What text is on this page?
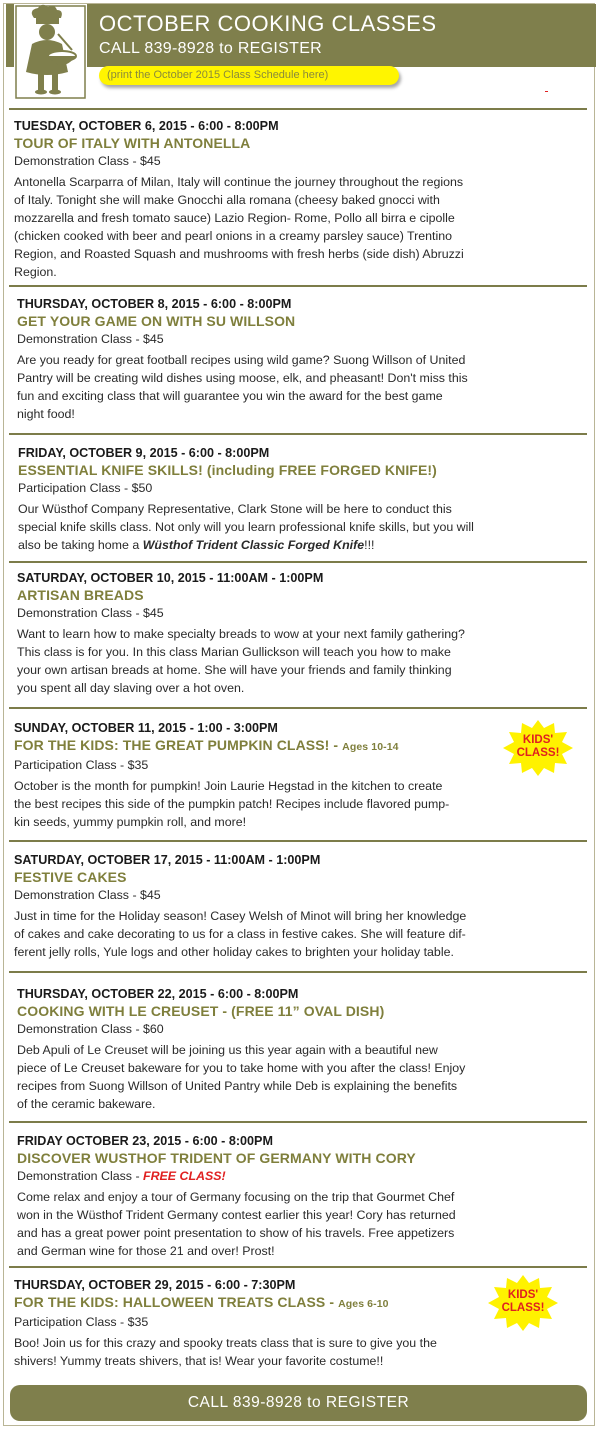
OCTOBER COOKING CLASSES
CALL 839-8928 to REGISTER
(print the October 2015 Class Schedule here)
TUESDAY, OCTOBER 6, 2015 - 6:00 - 8:00PM
TOUR OF ITALY WITH ANTONELLA
Demonstration Class - $45
Antonella Scarparra of Milan, Italy will continue the journey throughout the regions
of Italy. Tonight she will make Gnocchi alla romana (cheesy baked gnocci with
mozzarella and fresh tomato sauce) Lazio Region- Rome, Pollo all birra e cipolle
(chicken cooked with beer and pearl onions in a creamy parsley sauce) Trentino
Region, and Roasted Squash and mushrooms with fresh herbs (side dish) Abruzzi
Region.
THURSDAY, OCTOBER 8, 2015 - 6:00 - 8:00PM
GET YOUR GAME ON WITH SU WILLSON
Demonstration Class - $45
Are you ready for great football recipes using wild game? Suong Willson of United
Pantry will be creating wild dishes using moose, elk, and pheasant! Don't miss this
fun and exciting class that will guarantee you win the award for the best game
night food!
FRIDAY, OCTOBER 9, 2015 - 6:00 - 8:00PM
ESSENTIAL KNIFE SKILLS! (including FREE FORGED KNIFE!)
Participation Class - $50
Our Wüsthof Company Representative, Clark Stone will be here to conduct this
special knife skills class. Not only will you learn professional knife skills, but you will
also be taking home a Wüsthof Trident Classic Forged Knife!!!
SATURDAY, OCTOBER 10, 2015 - 11:00AM - 1:00PM
ARTISAN BREADS
Demonstration Class - $45
Want to learn how to make specialty breads to wow at your next family gathering?
This class is for you. In this class Marian Gullickson will teach you how to make
your own artisan breads at home. She will have your friends and family thinking
you spent all day slaving over a hot oven.
SUNDAY, OCTOBER 11, 2015 - 1:00 - 3:00PM
FOR THE KIDS: THE GREAT PUMPKIN CLASS! - Ages 10-14
Participation Class - $35
October is the month for pumpkin! Join Laurie Hegstad in the kitchen to create
the best recipes this side of the pumpkin patch! Recipes include flavored pump-
kin seeds, yummy pumpkin roll, and more!
KIDS'
CLASS!
SATURDAY, OCTOBER 17, 2015 - 11:00AM - 1:00PM
FESTIVE CAKES
Demonstration Class - $45
Just in time for the Holiday season! Casey Welsh of Minot will bring her knowledge
of cakes and cake decorating to us for a class in festive cakes. She will feature dif-
ferent jelly rolls, Yule logs and other holiday cakes to brighten your holiday table.
THURSDAY, OCTOBER 22, 2015 - 6:00 - 8:00PM
COOKING WITH LE CREUSET - (FREE 11” OVAL DISH)
Demonstration Class - $60
Deb Apuli of Le Creuset will be joining us this year again with a beautiful new
piece of Le Creuset bakeware for you to take home with you after the class! Enjoy
recipes from Suong Willson of United Pantry while Deb is explaining the benefits
of the ceramic bakeware.
FRIDAY OCTOBER 23, 2015 - 6:00 - 8:00PM
DISCOVER WUSTHOF TRIDENT OF GERMANY WITH CORY
Demonstration Class - FREE CLASS!
Come relax and enjoy a tour of Germany focusing on the trip that Gourmet Chef
won in the Wüsthof Trident Germany contest earlier this year! Cory has returned
and has a great power point presentation to show of his travels. Free appetizers
and German wine for those 21 and over! Prost!
THURSDAY, OCTOBER 29, 2015 - 6:00 - 7:30PM
FOR THE KIDS: HALLOWEEN TREATS CLASS - Ages 6-10
Participation Class - $35
Boo! Join us for this crazy and spooky treats class that is sure to give you the
shivers! Yummy treats shivers, that is! Wear your favorite costume!!
KIDS'
CLASS!
CALL 839-8928 to REGISTER
